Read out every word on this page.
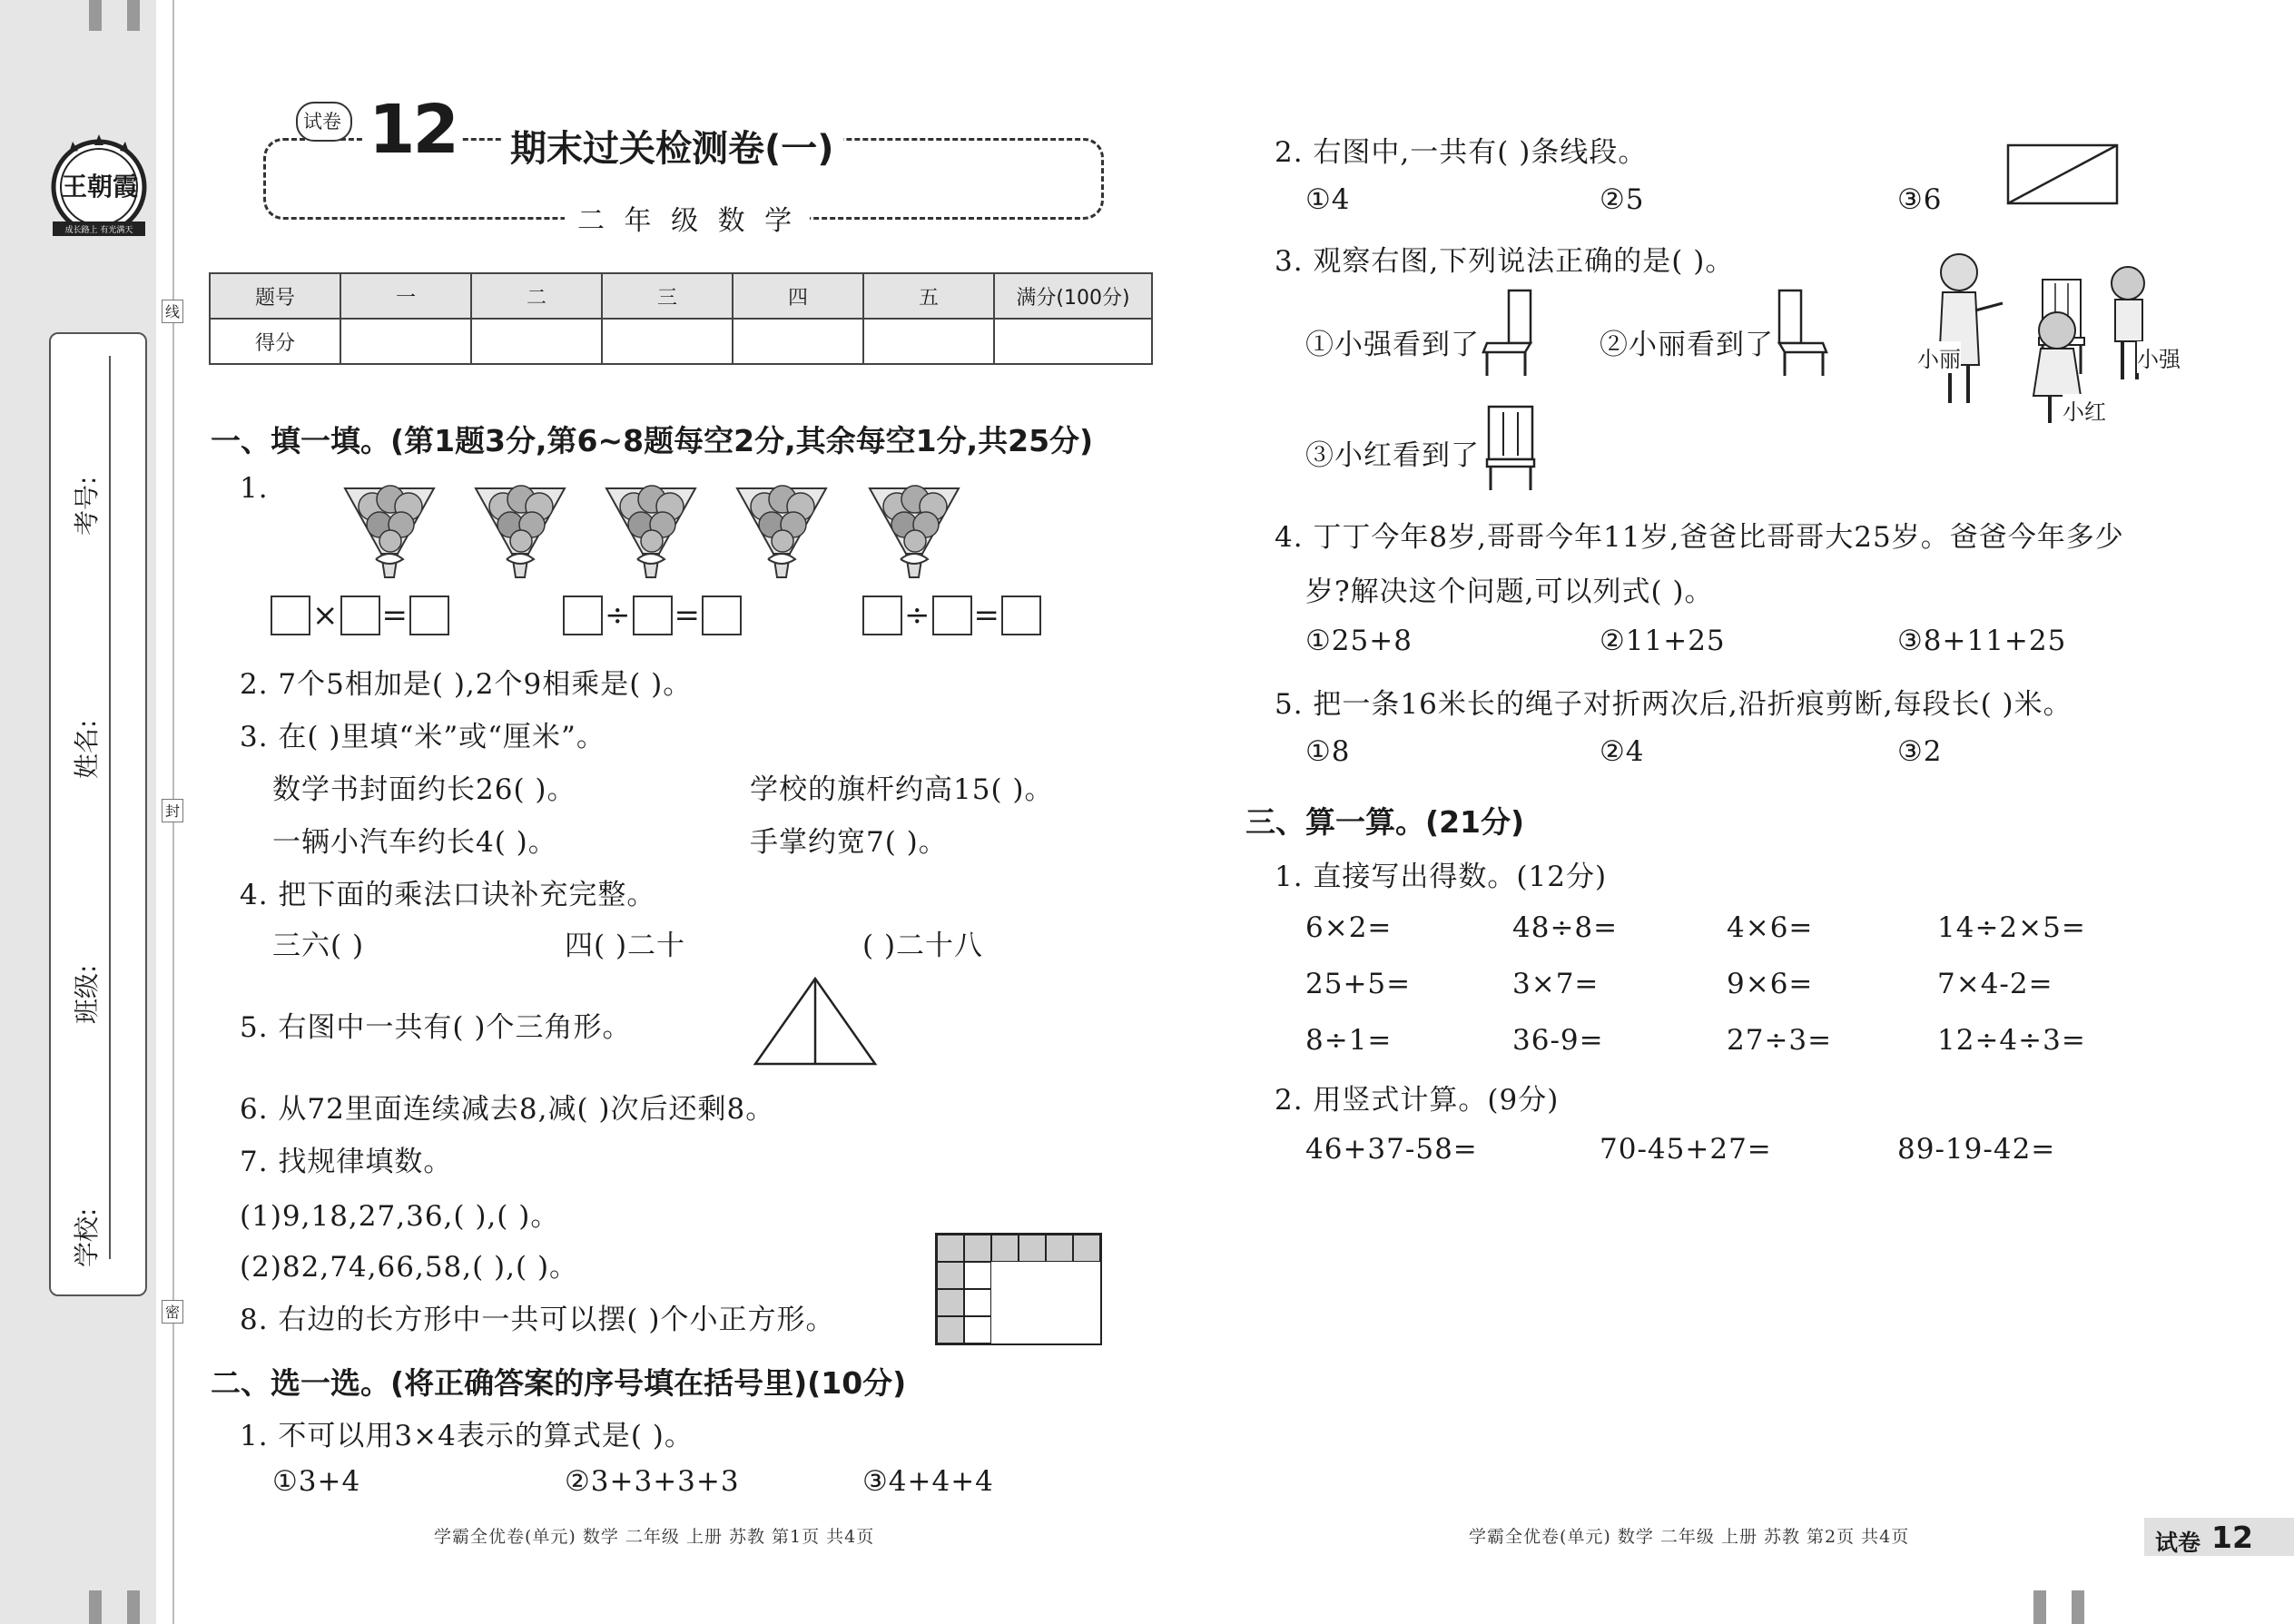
王朝霞
成长路上 有光满天
考号:
姓名:
班级:
学校:
线
封
密
试卷 12 期末过关检测卷(一)
二 年 级 数 学
题号	一	二	三	四	五	满分(100分)
得分						
一、填一填。(第1题3分,第6~8题每空2分,其余每空1分,共25分)
1.
× =	÷ =	÷ =
2. 7个5相加是( ),2个9相乘是( )。
3. 在( )里填“米”或“厘米”。
数学书封面约长26( )。	学校的旗杆约高15( )。
一辆小汽车约长4( )。	手掌约宽7( )。
4. 把下面的乘法口诀补充完整。
三六( )	四( )二十	( )二十八
5. 右图中一共有( )个三角形。
6. 从72里面连续减去8,减( )次后还剩8。
7. 找规律填数。
(1)9,18,27,36,( ),( )。
(2)82,74,66,58,( ),( )。
8. 右边的长方形中一共可以摆( )个小正方形。
二、选一选。(将正确答案的序号填在括号里)(10分)
1. 不可以用3×4表示的算式是( )。
①3+4	②3+3+3+3	③4+4+4
学霸全优卷(单元) 数学 二年级 上册 苏教 第1页 共4页
2. 右图中,一共有( )条线段。
①4	②5	③6
3. 观察右图,下列说法正确的是( )。
①小强看到了	②小丽看到了
③小红看到了
小丽	小强
小红
4. 丁丁今年8岁,哥哥今年11岁,爸爸比哥哥大25岁。爸爸今年多少
岁?解决这个问题,可以列式( )。
①25+8	②11+25	③8+11+25
5. 把一条16米长的绳子对折两次后,沿折痕剪断,每段长( )米。
①8	②4	③2
三、算一算。(21分)
1. 直接写出得数。(12分)
6×2=	48÷8=	4×6=	14÷2×5=
25+5=	3×7=	9×6=	7×4-2=
8÷1=	36-9=	27÷3=	12÷4÷3=
2. 用竖式计算。(9分)
46+37-58=	70-45+27=	89-19-42=
学霸全优卷(单元) 数学 二年级 上册 苏教 第2页 共4页	试卷 12
